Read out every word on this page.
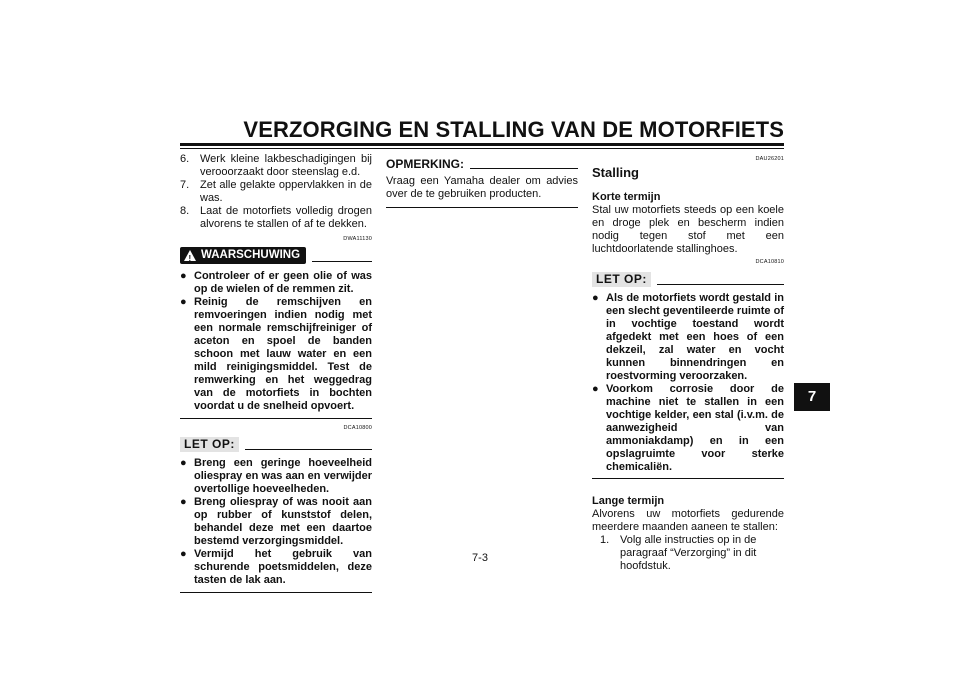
VERZORGING EN STALLING VAN DE MOTORFIETS
7
7-3
6. Werk kleine lakbeschadigingen bij verooorzaakt door steenslag e.d.
7. Zet alle gelakte oppervlakken in de was.
8. Laat de motorfiets volledig drogen alvorens te stallen of af te dekken.
DWA11130
! WAARSCHUWING
● Controleer of er geen olie of was op de wielen of de remmen zit.
● Reinig de remschijven en remvoeringen indien nodig met een normale remschijfreiniger of aceton en spoel de banden schoon met lauw water en een mild reinigingsmiddel. Test de remwerking en het weggedrag van de motorfiets in bochten voordat u de snelheid opvoert.
DCA10800
LET OP:
● Breng een geringe hoeveelheid oliespray en was aan en verwijder overtollige hoeveelheden.
● Breng oliespray of was nooit aan op rubber of kunststof delen, behandel deze met een daartoe bestemd verzorgingsmiddel.
● Vermijd het gebruik van schurende poetsmiddelen, deze tasten de lak aan.
OPMERKING:
Vraag een Yamaha dealer om advies over de te gebruiken producten.
DAU26201
Stalling
Korte termijn
Stal uw motorfiets steeds op een koele en droge plek en bescherm indien nodig tegen stof met een luchtdoorlatende stallinghoes.
DCA10810
LET OP:
● Als de motorfiets wordt gestald in een slecht geventileerde ruimte of in vochtige toestand wordt afgedekt met een hoes of een dekzeil, zal water en vocht kunnen binnendringen en roestvorming veroorzaken.
● Voorkom corrosie door de machine niet te stallen in een vochtige kelder, een stal (i.v.m. de aanwezigheid van ammoniakdamp) en in een opslagruimte voor sterke chemicaliën.
Lange termijn
Alvorens uw motorfiets gedurende meerdere maanden aaneen te stallen:
1. Volg alle instructies op in de paragraaf “Verzorging” in dit hoofdstuk.
